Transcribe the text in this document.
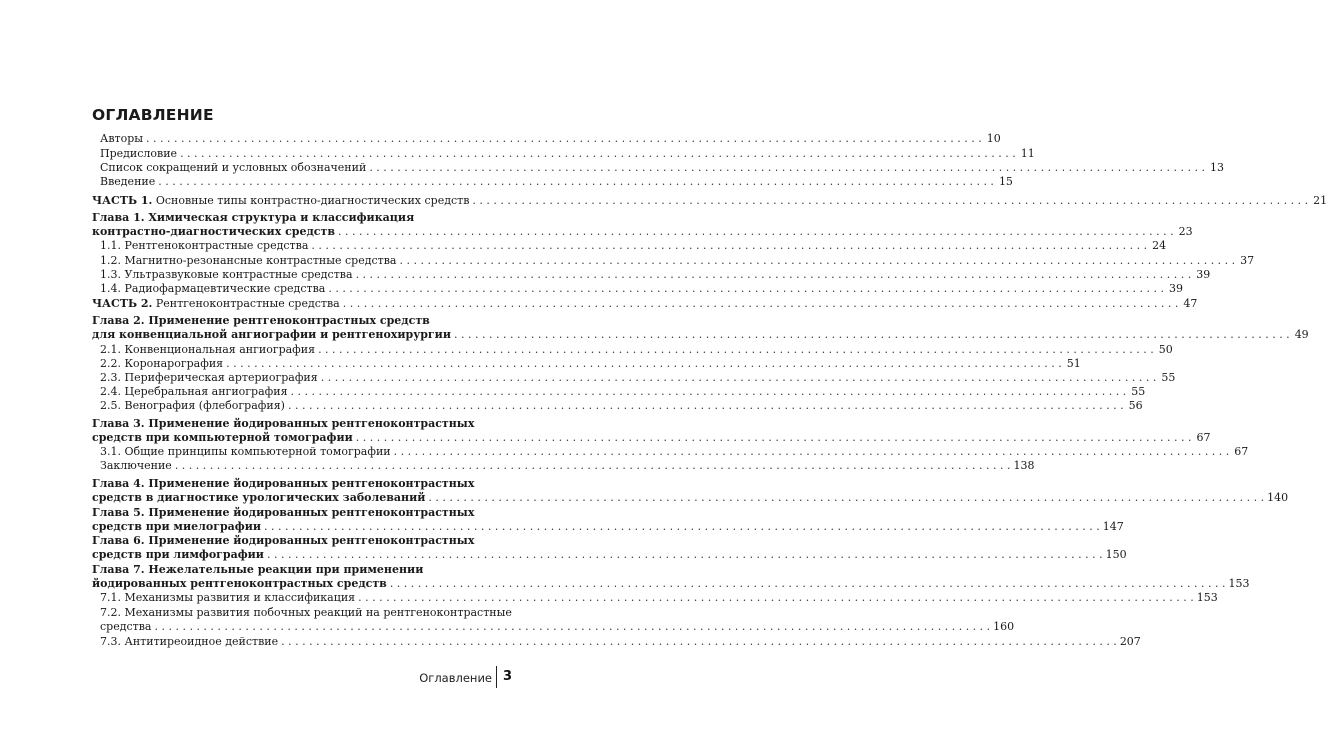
ОГЛАВЛЕНИЕ
Авторы . . . . . . . . . . . . . . . . . . . . . . . . . . . . . . . . . . . . . . . . . . . . . . . . . . . . . . . . . . . . . . . . . . . . . . . . . . . . . . . . . . . . . . . . . . . . . . . . . . . . . . . . . . . . . . . . . . . . . . . . 10
Предисловие . . . . . . . . . . . . . . . . . . . . . . . . . . . . . . . . . . . . . . . . . . . . . . . . . . . . . . . . . . . . . . . . . . . . . . . . . . . . . . . . . . . . . . . . . . . . . . . . . . . . . . . . . . . . . . . . . . . . . . . . 11
Список сокращений и условных обозначений . . . . . . . . . . . . . . . . . . . . . . . . . . . . . . . . . . . . . . . . . . . . . . . . . . . . . . . . . . . . . . . . . . . . . . . . . . . . . . . . . . . . . . . . . . . . . . . . . . . . . . . . . . . . . . . . . . . . . . . . 13
Введение . . . . . . . . . . . . . . . . . . . . . . . . . . . . . . . . . . . . . . . . . . . . . . . . . . . . . . . . . . . . . . . . . . . . . . . . . . . . . . . . . . . . . . . . . . . . . . . . . . . . . . . . . . . . . . . . . . . . . . . . 15
ЧАСТЬ 1. Основные типы контрастно-диагностических средств . . . . . . . . . . . . . . . . . . . . . . . . . . . . . . . . . . . . . . . . . . . . . . . . . . . . . . . . . . . . . . . . . . . . . . . . . . . . . . . . . . . . . . . . . . . . . . . . . . . . . . . . . . . . . . . . . . . . . . . . 21
Глава 1. Химическая структура и классификация
контрастно-диагностических средств . . . . . . . . . . . . . . . . . . . . . . . . . . . . . . . . . . . . . . . . . . . . . . . . . . . . . . . . . . . . . . . . . . . . . . . . . . . . . . . . . . . . . . . . . . . . . . . . . . . . . . . . . . . . . . . . . . . . . . . . 23
1.1. Рентгеноконтрастные средства . . . . . . . . . . . . . . . . . . . . . . . . . . . . . . . . . . . . . . . . . . . . . . . . . . . . . . . . . . . . . . . . . . . . . . . . . . . . . . . . . . . . . . . . . . . . . . . . . . . . . . . . . . . . . . . . . . . . . . . . 24
1.2. Магнитно-резонансные контрастные средства . . . . . . . . . . . . . . . . . . . . . . . . . . . . . . . . . . . . . . . . . . . . . . . . . . . . . . . . . . . . . . . . . . . . . . . . . . . . . . . . . . . . . . . . . . . . . . . . . . . . . . . . . . . . . . . . . . . . . . . . 37
1.3. Ультразвуковые контрастные средства . . . . . . . . . . . . . . . . . . . . . . . . . . . . . . . . . . . . . . . . . . . . . . . . . . . . . . . . . . . . . . . . . . . . . . . . . . . . . . . . . . . . . . . . . . . . . . . . . . . . . . . . . . . . . . . . . . . . . . . . 39
1.4. Радиофармацевтические средства . . . . . . . . . . . . . . . . . . . . . . . . . . . . . . . . . . . . . . . . . . . . . . . . . . . . . . . . . . . . . . . . . . . . . . . . . . . . . . . . . . . . . . . . . . . . . . . . . . . . . . . . . . . . . . . . . . . . . . . . 39
ЧАСТЬ 2. Рентгеноконтрастные средства . . . . . . . . . . . . . . . . . . . . . . . . . . . . . . . . . . . . . . . . . . . . . . . . . . . . . . . . . . . . . . . . . . . . . . . . . . . . . . . . . . . . . . . . . . . . . . . . . . . . . . . . . . . . . . . . . . . . . . . . 47
Глава 2. Применение рентгеноконтрастных средств
для конвенциальной ангиографии и рентгенохирургии . . . . . . . . . . . . . . . . . . . . . . . . . . . . . . . . . . . . . . . . . . . . . . . . . . . . . . . . . . . . . . . . . . . . . . . . . . . . . . . . . . . . . . . . . . . . . . . . . . . . . . . . . . . . . . . . . . . . . . . . 49
2.1. Конвенциональная ангиография . . . . . . . . . . . . . . . . . . . . . . . . . . . . . . . . . . . . . . . . . . . . . . . . . . . . . . . . . . . . . . . . . . . . . . . . . . . . . . . . . . . . . . . . . . . . . . . . . . . . . . . . . . . . . . . . . . . . . . . . 50
2.2. Коронарография . . . . . . . . . . . . . . . . . . . . . . . . . . . . . . . . . . . . . . . . . . . . . . . . . . . . . . . . . . . . . . . . . . . . . . . . . . . . . . . . . . . . . . . . . . . . . . . . . . . . . . . . . . . . . . . . . . . . . . . . 51
2.3. Периферическая артериография . . . . . . . . . . . . . . . . . . . . . . . . . . . . . . . . . . . . . . . . . . . . . . . . . . . . . . . . . . . . . . . . . . . . . . . . . . . . . . . . . . . . . . . . . . . . . . . . . . . . . . . . . . . . . . . . . . . . . . . . 55
2.4. Церебральная ангиография . . . . . . . . . . . . . . . . . . . . . . . . . . . . . . . . . . . . . . . . . . . . . . . . . . . . . . . . . . . . . . . . . . . . . . . . . . . . . . . . . . . . . . . . . . . . . . . . . . . . . . . . . . . . . . . . . . . . . . . . 55
2.5. Венография (флебография) . . . . . . . . . . . . . . . . . . . . . . . . . . . . . . . . . . . . . . . . . . . . . . . . . . . . . . . . . . . . . . . . . . . . . . . . . . . . . . . . . . . . . . . . . . . . . . . . . . . . . . . . . . . . . . . . . . . . . . . . 56
Глава 3. Применение йодированных рентгеноконтрастных
средств при компьютерной томографии . . . . . . . . . . . . . . . . . . . . . . . . . . . . . . . . . . . . . . . . . . . . . . . . . . . . . . . . . . . . . . . . . . . . . . . . . . . . . . . . . . . . . . . . . . . . . . . . . . . . . . . . . . . . . . . . . . . . . . . . 67
3.1. Общие принципы компьютерной томографии . . . . . . . . . . . . . . . . . . . . . . . . . . . . . . . . . . . . . . . . . . . . . . . . . . . . . . . . . . . . . . . . . . . . . . . . . . . . . . . . . . . . . . . . . . . . . . . . . . . . . . . . . . . . . . . . . . . . . . . . 67
Заключение . . . . . . . . . . . . . . . . . . . . . . . . . . . . . . . . . . . . . . . . . . . . . . . . . . . . . . . . . . . . . . . . . . . . . . . . . . . . . . . . . . . . . . . . . . . . . . . . . . . . . . . . . . . . . . . . . . . . . . . . 138
Глава 4. Применение йодированных рентгеноконтрастных
средств в диагностике урологических заболеваний . . . . . . . . . . . . . . . . . . . . . . . . . . . . . . . . . . . . . . . . . . . . . . . . . . . . . . . . . . . . . . . . . . . . . . . . . . . . . . . . . . . . . . . . . . . . . . . . . . . . . . . . . . . . . . . . . . . . . . . . 140
Глава 5. Применение йодированных рентгеноконтрастных
средств при миелографии . . . . . . . . . . . . . . . . . . . . . . . . . . . . . . . . . . . . . . . . . . . . . . . . . . . . . . . . . . . . . . . . . . . . . . . . . . . . . . . . . . . . . . . . . . . . . . . . . . . . . . . . . . . . . . . . . . . . . . . . 147
Глава 6. Применение йодированных рентгеноконтрастных
средств при лимфографии . . . . . . . . . . . . . . . . . . . . . . . . . . . . . . . . . . . . . . . . . . . . . . . . . . . . . . . . . . . . . . . . . . . . . . . . . . . . . . . . . . . . . . . . . . . . . . . . . . . . . . . . . . . . . . . . . . . . . . . . 150
Глава 7. Нежелательные реакции при применении
йодированных рентгеноконтрастных средств . . . . . . . . . . . . . . . . . . . . . . . . . . . . . . . . . . . . . . . . . . . . . . . . . . . . . . . . . . . . . . . . . . . . . . . . . . . . . . . . . . . . . . . . . . . . . . . . . . . . . . . . . . . . . . . . . . . . . . . . 153
7.1. Механизмы развития и классификация . . . . . . . . . . . . . . . . . . . . . . . . . . . . . . . . . . . . . . . . . . . . . . . . . . . . . . . . . . . . . . . . . . . . . . . . . . . . . . . . . . . . . . . . . . . . . . . . . . . . . . . . . . . . . . . . . . . . . . . . 153
7.2. Механизмы развития побочных реакций на рентгеноконтрастные
средства . . . . . . . . . . . . . . . . . . . . . . . . . . . . . . . . . . . . . . . . . . . . . . . . . . . . . . . . . . . . . . . . . . . . . . . . . . . . . . . . . . . . . . . . . . . . . . . . . . . . . . . . . . . . . . . . . . . . . . . . 160
7.3. Антитиреоидное действие . . . . . . . . . . . . . . . . . . . . . . . . . . . . . . . . . . . . . . . . . . . . . . . . . . . . . . . . . . . . . . . . . . . . . . . . . . . . . . . . . . . . . . . . . . . . . . . . . . . . . . . . . . . . . . . . . . . . . . . . 207
Оглавление 3
